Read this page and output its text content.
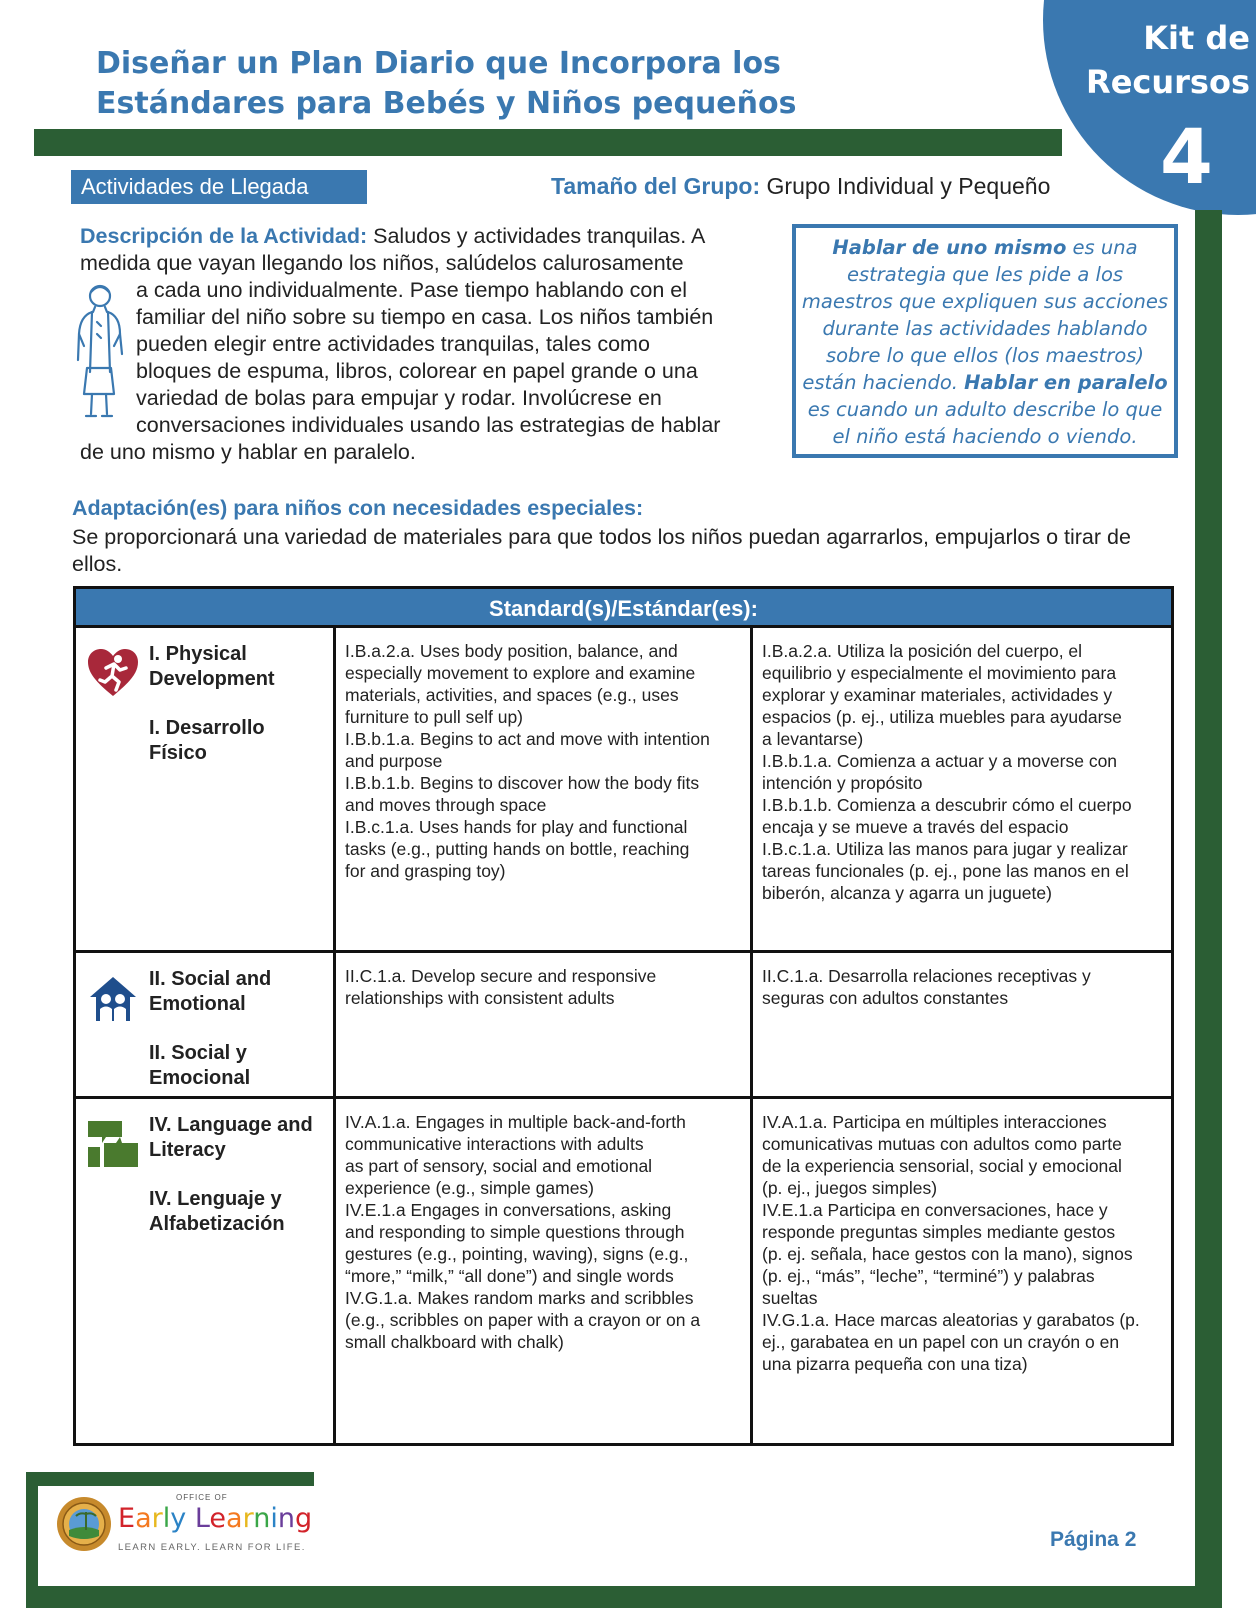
Diseñar un Plan Diario que Incorpora los
Estándares para Bebés y Niños pequeños
Kit de
Recursos
4
Actividades de Llegada	Tamaño del Grupo: Grupo Individual y Pequeño
Descripción de la Actividad: Saludos y actividades tranquilas. A
medida que vayan llegando los niños, salúdelos calurosamente
a cada uno individualmente. Pase tiempo hablando con el
familiar del niño sobre su tiempo en casa. Los niños también
pueden elegir entre actividades tranquilas, tales como
bloques de espuma, libros, colorear en papel grande o una
variedad de bolas para empujar y rodar. Involúcrese en
conversaciones individuales usando las estrategias de hablar
de uno mismo y hablar en paralelo.
Hablar de uno mismo es una
estrategia que les pide a los
maestros que expliquen sus acciones
durante las actividades hablando
sobre lo que ellos (los maestros)
están haciendo. Hablar en paralelo
es cuando un adulto describe lo que
el niño está haciendo o viendo.
Adaptación(es) para niños con necesidades especiales:
Se proporcionará una variedad de materiales para que todos los niños puedan agarrarlos, empujarlos o tirar de ellos.
Standard(s)/Estándar(es):
I. Physical
Development
I. Desarrollo
Físico
I.B.a.2.a. Uses body position, balance, and
especially movement to explore and examine
materials, activities, and spaces (e.g., uses
furniture to pull self up)
I.B.b.1.a. Begins to act and move with intention
and purpose
I.B.b.1.b. Begins to discover how the body fits
and moves through space
I.B.c.1.a. Uses hands for play and functional
tasks (e.g., putting hands on bottle, reaching
for and grasping toy)
I.B.a.2.a. Utiliza la posición del cuerpo, el
equilibrio y especialmente el movimiento para
explorar y examinar materiales, actividades y
espacios (p. ej., utiliza muebles para ayudarse
a levantarse)
I.B.b.1.a. Comienza a actuar y a moverse con
intención y propósito
I.B.b.1.b. Comienza a descubrir cómo el cuerpo
encaja y se mueve a través del espacio
I.B.c.1.a. Utiliza las manos para jugar y realizar
tareas funcionales (p. ej., pone las manos en el
biberón, alcanza y agarra un juguete)
II. Social and
Emotional
II. Social y
Emocional
II.C.1.a. Develop secure and responsive
relationships with consistent adults
II.C.1.a. Desarrolla relaciones receptivas y
seguras con adultos constantes
IV. Language and
Literacy
IV. Lenguaje y
Alfabetización
IV.A.1.a. Engages in multiple back-and-forth
communicative interactions with adults
as part of sensory, social and emotional
experience (e.g., simple games)
IV.E.1.a Engages in conversations, asking
and responding to simple questions through
gestures (e.g., pointing, waving), signs (e.g.,
“more,” “milk,” “all done”) and single words
IV.G.1.a. Makes random marks and scribbles
(e.g., scribbles on paper with a crayon or on a
small chalkboard with chalk)
IV.A.1.a. Participa en múltiples interacciones
comunicativas mutuas con adultos como parte
de la experiencia sensorial, social y emocional
(p. ej., juegos simples)
IV.E.1.a Participa en conversaciones, hace y
responde preguntas simples mediante gestos
(p. ej. señala, hace gestos con la mano), signos
(p. ej., “más”, “leche”, “terminé”) y palabras
sueltas
IV.G.1.a. Hace marcas aleatorias y garabatos (p.
ej., garabatea en un papel con un crayón o en
una pizarra pequeña con una tiza)
OFFICE OF
Early Learning
LEARN EARLY. LEARN FOR LIFE.	Página 2
